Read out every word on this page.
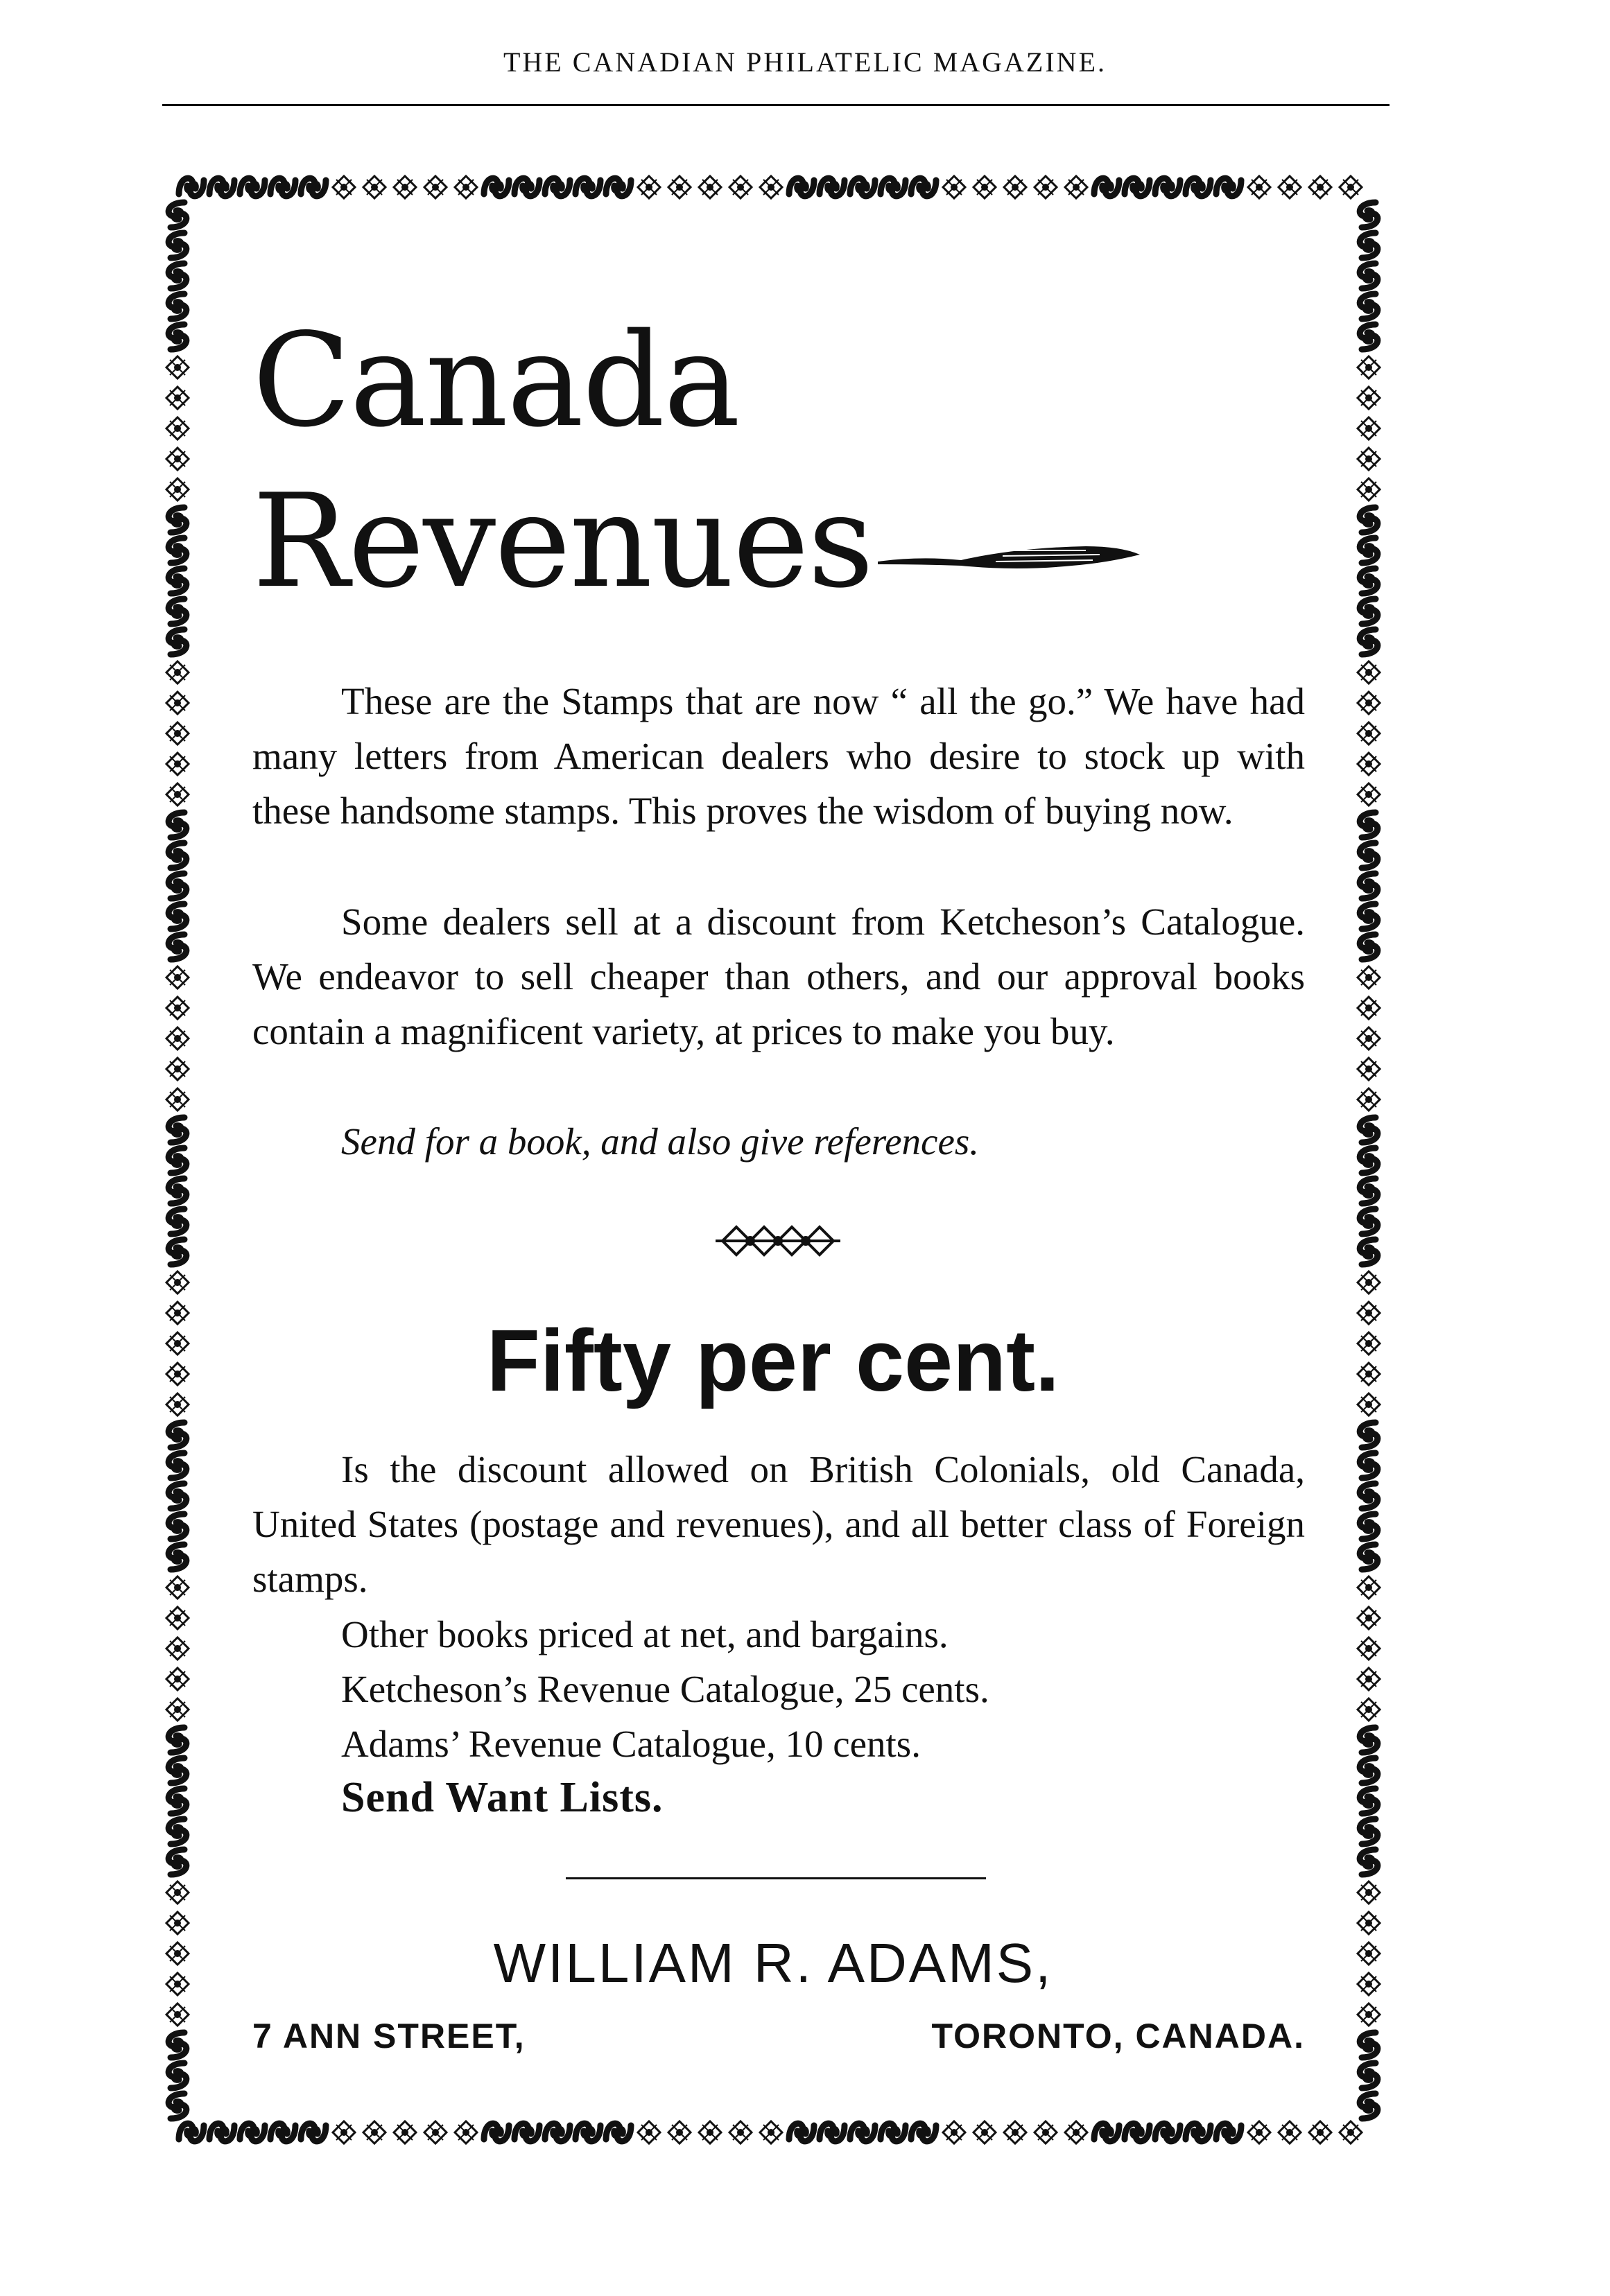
THE CANADIAN PHILATELIC MAGAZINE.
Canada
Revenues

These are the Stamps that are now “ all the go.” We have had many letters from American dealers who desire to stock up with these handsome stamps. This proves the wisdom of buying now.

Some dealers sell at a discount from Ketcheson’s Catalogue. We endeavor to sell cheaper than others, and our approval books contain a magnificent variety, at prices to make you buy.

Send for a book, and also give references.

Fifty per cent.

Is the discount allowed on British Colonials, old Canada, United States (postage and revenues), and all better class of Foreign stamps.

Other books priced at net, and bargains.

Ketcheson’s Revenue Catalogue, 25 cents.

Adams’ Revenue Catalogue, 10 cents.

Send Want Lists.
WILLIAM R. ADAMS,
7 ANN STREET,	TORONTO, CANADA.
